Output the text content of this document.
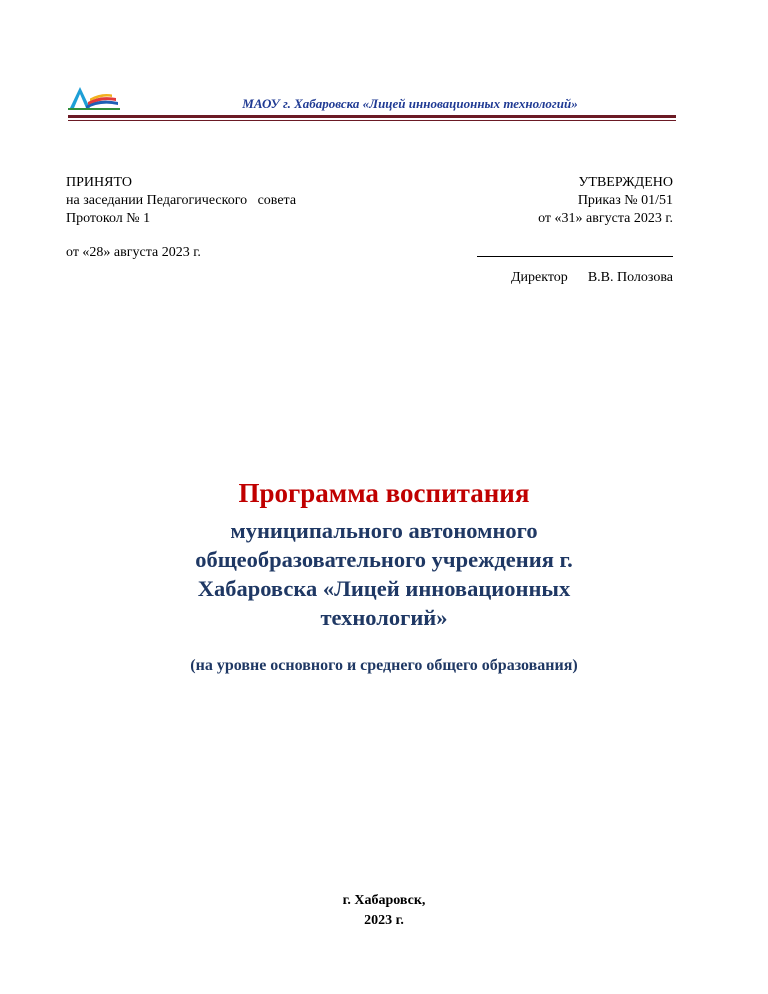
МАОУ г. Хабаровска «Лицей инновационных технологий»
ПРИНЯТО
на заседании Педагогического   совета
Протокол № 1
от «28» августа 2023 г.
УТВЕРЖДЕНО
Приказ № 01/51
от «31» августа 2023 г.
Директор В.В. Полозова
Программа воспитания
муниципального автономного
общеобразовательного учреждения г.
Хабаровска «Лицей инновационных
технологий»
(на уровне основного и среднего общего образования)
г. Хабаровск,
2023 г.
